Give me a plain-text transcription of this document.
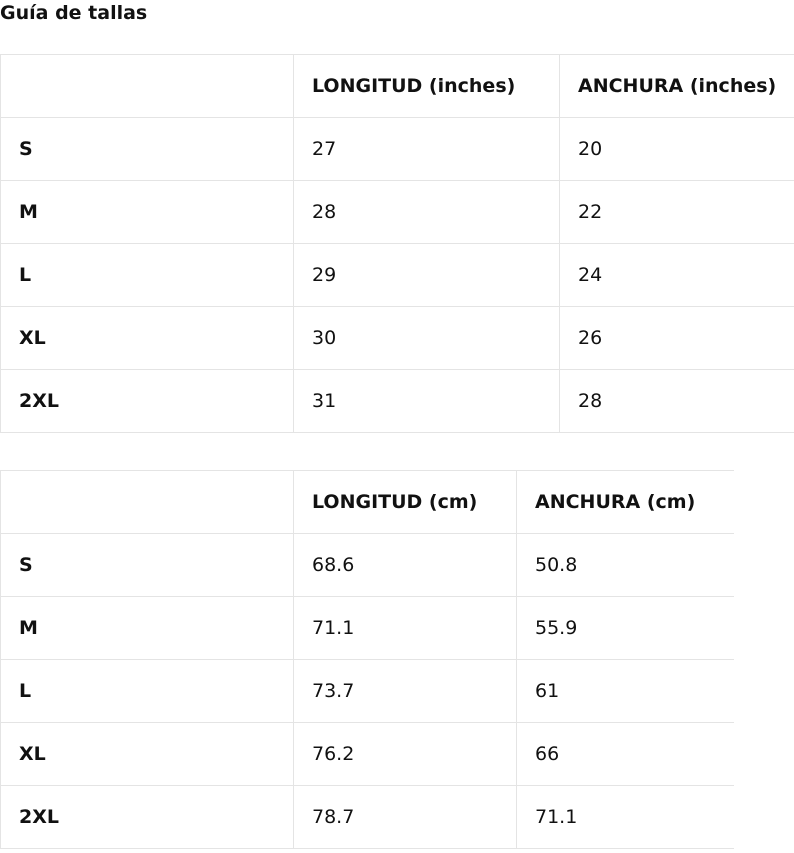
Guía de tallas
	LONGITUD (inches)	ANCHURA (inches)
S	27	20
M	28	22
L	29	24
XL	30	26
2XL	31	28
	LONGITUD (cm)	ANCHURA (cm)
S	68.6	50.8
M	71.1	55.9
L	73.7	61
XL	76.2	66
2XL	78.7	71.1
